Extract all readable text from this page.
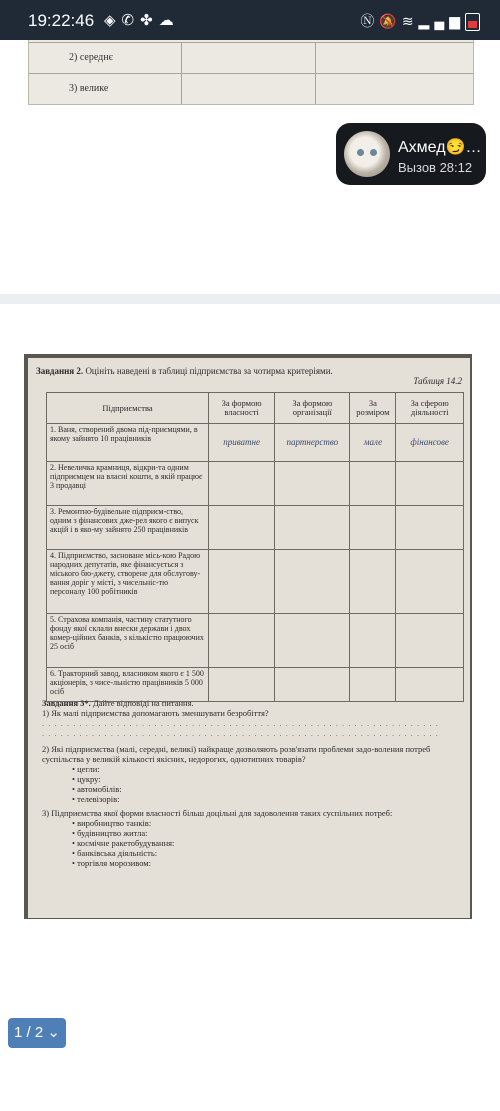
19:22:46 ◈✆✤☁	Ⓝ🔕≋▂▄▆
2) середнє
3) велике
Ахмед😏…
Вызов 28:12
Завдання 2. Оцініть наведені в таблиці підприємства за чотирма критеріями.
Таблиця 14.2
Підприємства	За формою власності	За формою організації	За розміром	За сферою діяльності
1. Ваня, створений двома під-приємцями, в якому зайнято 10 працівників	приватне	партнерство	мале	фінансове
2. Невеличка крамниця, відкри-та одним підприємцем на власні кошти, в якій працює 3 продавці				
3. Ремонтно-будівельне підприєм-ство, одним з фінансових дже-рел якого є випуск акцій і в яко-му зайнято 250 працівників				
4. Підприємство, засноване місь-кою Радою народних депутатів, яке фінансується з міського бю-джету, створене для обслугову-вання доріг у місті, з чисельніс-тю персоналу 100 робітників				
5. Страхова компанія, частину статутного фонду якої склали внески держави і двох комер-ційних банків, з кількістю працюючих 25 осіб				
6. Тракторний завод, власником якого є 1 500 акціонерів, з чисе-льністю працівників 5 000 осіб				
Завдання 3*. Дайте відповіді на питання.
1) Як малі підприємства допомагають зменшувати безробіття?
. . . . . . . . . . . . . . . . . . . . . . . . . . . . . . . . . . . . . . . . . . . . . . . . . . . . . . . . . . . . . . . .
. . . . . . . . . . . . . . . . . . . . . . . . . . . . . . . . . . . . . . . . . . . . . . . . . . . . . . . . . . . . . . . .
2) Які підприємства (малі, середні, великі) найкраще дозволяють розв'язати проблеми задо-воления потреб суспільства у великій кількості якісних, недорогих, однотипних товарів?
• цегли:
• цукру:
• автомобілів:
• телевізорів:
3) Підприємства якої форми власності більш доцільні для задоволення таких суспільних потреб:
• виробництво танків:
• будівництво житла:
• космічне ракетобудування:
• банківська діяльність:
• торгівля морозивом:
1 / 2 ⌄
